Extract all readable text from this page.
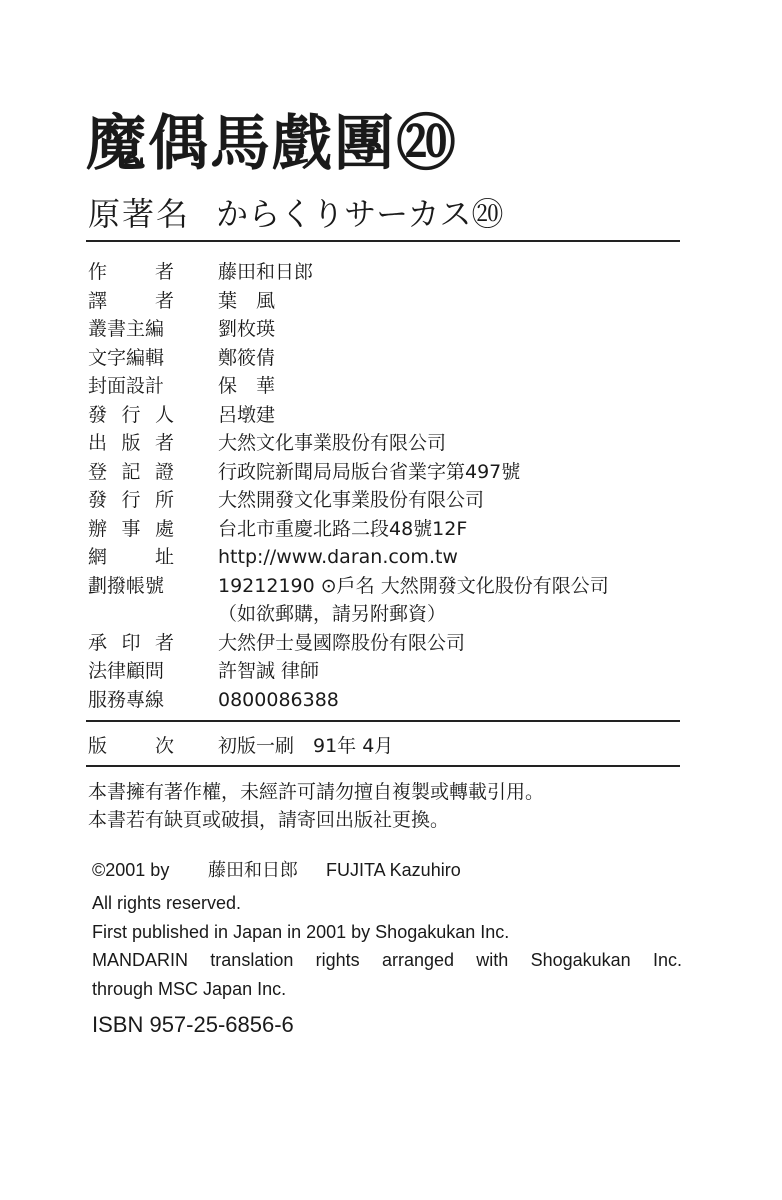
魔偶馬戲團⑳
原著名 からくりサーカス⑳
作	者 藤田和日郎
譯	者 葉　風
叢書主編	劉枚瑛
文字編輯	鄭筱倩
封面設計	保　華
發 行 人 呂墩建
出 版 者 大然文化事業股份有限公司
登 記 證 行政院新聞局局版台省業字第497號
發 行 所 大然開發文化事業股份有限公司
辦 事 處 台北市重慶北路二段48號12F
網	址 http://www.daran.com.tw
劃撥帳號	19212190 ⊙戶名 大然開發文化股份有限公司
（如欲郵購，請另附郵資）
承 印 者 大然伊士曼國際股份有限公司
法律顧問	許智誠 律師
服務專線	0800086388
版	次 初版一刷　91年 4月
本書擁有著作權，未經許可請勿擅自複製或轉載引用。
本書若有缺頁或破損，請寄回出版社更換。
©2001 by 藤田和日郎 FUJITA Kazuhiro
All rights reserved.
First published in Japan in 2001 by Shogakukan Inc.
MANDARIN translation rights arranged with Shogakukan Inc.
through MSC Japan Inc.
ISBN 957-25-6856-6
